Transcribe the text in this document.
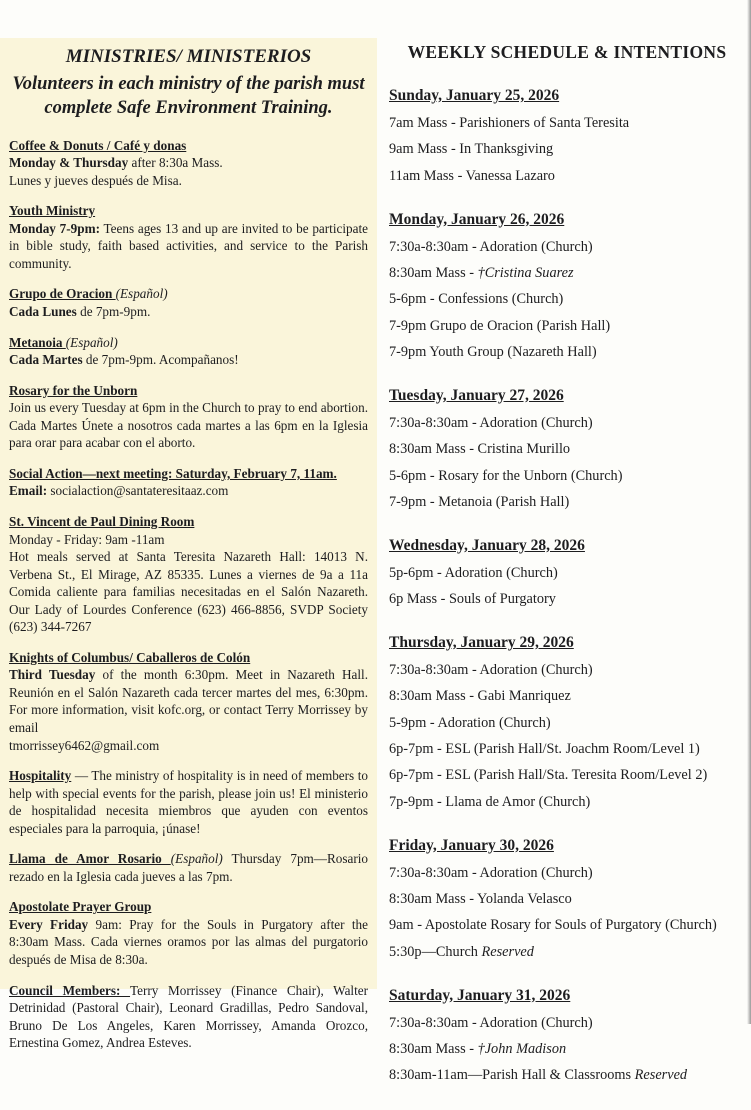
MINISTRIES/ MINISTERIOS
Volunteers in each ministry of the parish must complete Safe Environment Training.
Coffee & Donuts / Café y donas
Monday & Thursday after 8:30a Mass.
Lunes y jueves después de Misa.
Youth Ministry
Monday 7-9pm: Teens ages 13 and up are invited to be participate in bible study, faith based activities, and service to the Parish community.
Grupo de Oracion (Español)
Cada Lunes de 7pm-9pm.
Metanoia (Español)
Cada Martes de 7pm-9pm. Acompañanos!
Rosary for the Unborn
Join us every Tuesday at 6pm in the Church to pray to end abortion. Cada Martes Únete a nosotros cada martes a las 6pm en la Iglesia para orar para acabar con el aborto.
Social Action—next meeting: Saturday, February 7, 11am.
Email: socialaction@santateresitaaz.com
St. Vincent de Paul Dining Room
Monday - Friday: 9am -11am
Hot meals served at Santa Teresita Nazareth Hall: 14013 N. Verbena St., El Mirage, AZ 85335. Lunes a viernes de 9a a 11a Comida caliente para familias necesitadas en el Salón Nazareth. Our Lady of Lourdes Conference (623) 466-8856, SVDP Society (623) 344-7267
Knights of Columbus/ Caballeros de Colón
Third Tuesday of the month 6:30pm. Meet in Nazareth Hall. Reunión en el Salón Nazareth cada tercer martes del mes, 6:30pm. For more information, visit kofc.org, or contact Terry Morrissey by email
tmorrissey6462@gmail.com
Hospitality — The ministry of hospitality is in need of members to help with special events for the parish, please join us! El ministerio de hospitalidad necesita miembros que ayuden con eventos especiales para la parroquia, ¡únase!
Llama de Amor Rosario (Español) Thursday 7pm—Rosario rezado en la Iglesia cada jueves a las 7pm.
Apostolate Prayer Group
Every Friday 9am: Pray for the Souls in Purgatory after the 8:30am Mass. Cada viernes oramos por las almas del purgatorio después de Misa de 8:30a.
Council Members: Terry Morrissey (Finance Chair), Walter Detrinidad (Pastoral Chair), Leonard Gradillas, Pedro Sandoval, Bruno De Los Angeles, Karen Morrissey, Amanda Orozco, Ernestina Gomez, Andrea Esteves.
WEEKLY SCHEDULE & INTENTIONS
Sunday, January 25, 2026
7am Mass - Parishioners of Santa Teresita
9am Mass - In Thanksgiving
11am Mass - Vanessa Lazaro
Monday, January 26, 2026
7:30a-8:30am - Adoration (Church)
8:30am Mass - †Cristina Suarez
5-6pm - Confessions (Church)
7-9pm Grupo de Oracion (Parish Hall)
7-9pm Youth Group (Nazareth Hall)
Tuesday, January 27, 2026
7:30a-8:30am - Adoration (Church)
8:30am Mass - Cristina Murillo
5-6pm - Rosary for the Unborn (Church)
7-9pm - Metanoia (Parish Hall)
Wednesday, January 28, 2026
5p-6pm - Adoration (Church)
6p Mass - Souls of Purgatory
Thursday, January 29, 2026
7:30a-8:30am - Adoration (Church)
8:30am Mass - Gabi Manriquez
5-9pm - Adoration (Church)
6p-7pm - ESL (Parish Hall/St. Joachm Room/Level 1)
6p-7pm - ESL (Parish Hall/Sta. Teresita Room/Level 2)
7p-9pm - Llama de Amor (Church)
Friday, January 30, 2026
7:30a-8:30am - Adoration (Church)
8:30am Mass - Yolanda Velasco
9am - Apostolate Rosary for Souls of Purgatory (Church)
5:30p—Church Reserved
Saturday, January 31, 2026
7:30a-8:30am - Adoration (Church)
8:30am Mass - †John Madison
8:30am-11am—Parish Hall & Classrooms Reserved
